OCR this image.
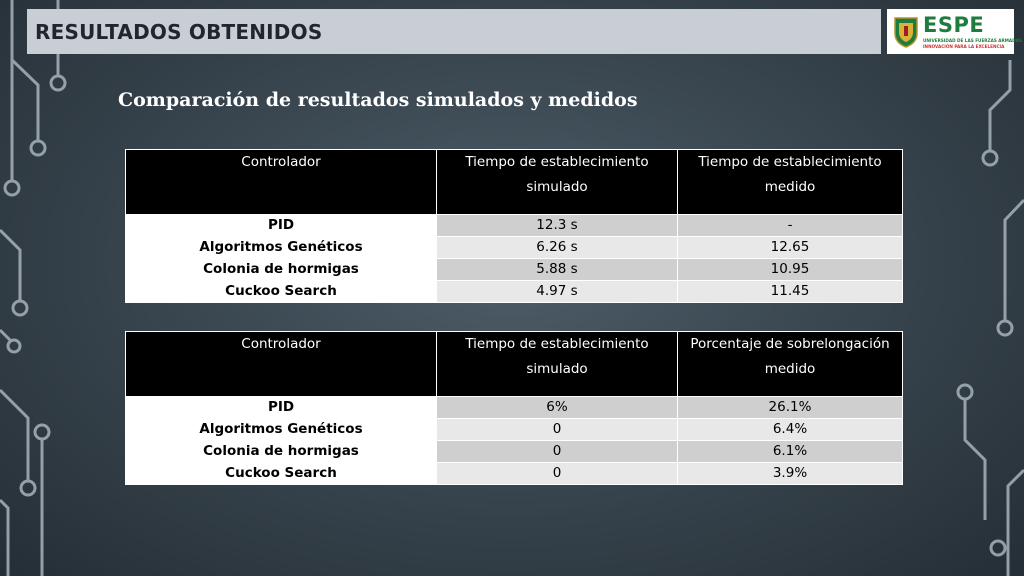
RESULTADOS OBTENIDOS	ESPE
UNIVERSIDAD DE LAS FUERZAS ARMADAS
INNOVACIÓN PARA LA EXCELENCIA
Comparación de resultados simulados y medidos
Controlador	Tiempo de establecimiento simulado	Tiempo de establecimiento medido
PID	12.3 s	-
Algoritmos Genéticos	6.26 s	12.65
Colonia de hormigas	5.88 s	10.95
Cuckoo Search	4.97 s	11.45
Controlador	Tiempo de establecimiento simulado	Porcentaje de sobrelongación medido
PID	6%	26.1%
Algoritmos Genéticos	0	6.4%
Colonia de hormigas	0	6.1%
Cuckoo Search	0	3.9%
